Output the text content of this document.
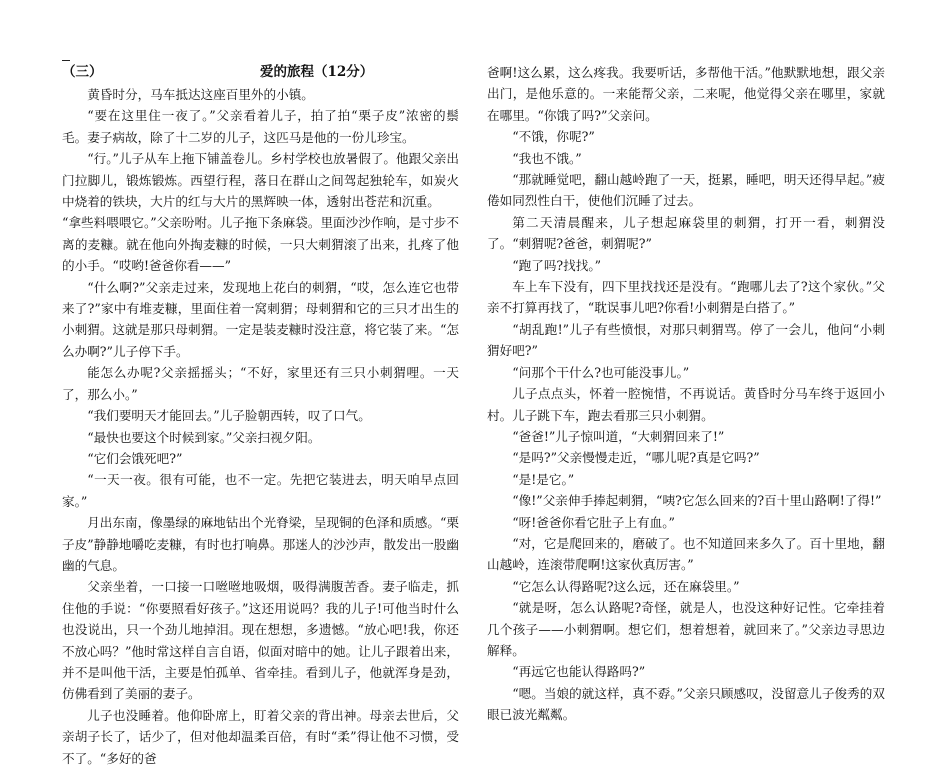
（三）	爱的旅程（12分）

黄昏时分，马车抵达这座百里外的小镇。

“要在这里住一夜了。”父亲看着儿子，拍了拍“栗子皮”浓密的鬃毛。妻子病故，除了十二岁的儿子，这匹马是他的一份儿珍宝。

“行。”儿子从车上拖下铺盖卷儿。乡村学校也放暑假了。他跟父亲出门拉脚儿，锻炼锻炼。西望行程，落日在群山之间驾起独轮车，如炭火中烧着的铁块，大片的红与大片的黑辉映一体，透射出苍茫和沉重。

“拿些料喂喂它。”父亲吩咐。儿子拖下条麻袋。里面沙沙作响，是寸步不离的麦糠。就在他向外掏麦糠的时候，一只大刺猬滚了出来，扎疼了他的小手。“哎哟!爸爸你看——”

“什么啊?”父亲走过来，发现地上花白的刺猬，“哎，怎么连它也带来了?”家中有堆麦糠，里面住着一窝刺猬；母刺猬和它的三只才出生的小刺猬。这就是那只母刺猬。一定是装麦糠时没注意，将它装了来。“怎么办啊?”儿子停下手。

能怎么办呢?父亲摇摇头；“不好，家里还有三只小刺猬哩。一天了，那么小。”

“我们要明天才能回去。”儿子脸朝西转，叹了口气。

“最快也要这个时候到家。”父亲扫视夕阳。

“它们会饿死吧?”

“一天一夜。很有可能，也不一定。先把它装进去，明天咱早点回家。”

月出东南，像墨绿的麻地钻出个光脊梁，呈现铜的色泽和质感。“栗子皮”静静地嚼吃麦糠，有时也打响鼻。那迷人的沙沙声，散发出一股幽幽的气息。

父亲坐着，一口接一口咝咝地吸烟，吸得满腹苦香。妻子临走，抓住他的手说：“你要照看好孩子。”这还用说吗？我的儿子!可他当时什么也没说出，只一个劲儿地掉泪。现在想想，多遗憾。“放心吧!我，你还不放心吗？”他时常这样自言自语，似面对暗中的她。让儿子跟着出来，并不是叫他干活，主要是怕孤单、省牵挂。看到儿子，他就浑身是劲，仿佛看到了美丽的妻子。

儿子也没睡着。他仰卧席上，盯着父亲的背出神。母亲去世后，父亲胡子长了，话少了，但对他却温柔百倍，有时“柔”得让他不习惯，受不了。“多好的爸

爸啊!这么累，这么疼我。我要听话，多帮他干活。”他默默地想，跟父亲出门，是他乐意的。一来能帮父亲，二来呢，他觉得父亲在哪里，家就在哪里。“你饿了吗?”父亲问。

“不饿，你呢?”

“我也不饿。”

“那就睡觉吧，翻山越岭跑了一天，挺累，睡吧，明天还得早起。”疲倦如同烈性白干，使他们沉睡了过去。

第二天清晨醒来，儿子想起麻袋里的刺猬，打开一看，刺猬没了。“刺猬呢?爸爸，刺猬呢?”

“跑了吗?找找。”

车上车下没有，四下里找找还是没有。“跑哪儿去了?这个家伙。”父亲不打算再找了，“耽误事儿吧?你看!小刺猬是白搭了。”

“胡乱跑!”儿子有些愤恨，对那只刺猬骂。停了一会儿，他问“小刺猬好吧?”

“问那个干什么?也可能没事儿。”

儿子点点头，怀着一腔惋惜，不再说话。黄昏时分马车终于返回小村。儿子跳下车，跑去看那三只小刺猬。

“爸爸!”儿子惊叫道，“大刺猬回来了!”

“是吗?”父亲慢慢走近，“哪儿呢?真是它吗?”

“是!是它。”

“像!”父亲伸手捧起刺猬，“咦?它怎么回来的?百十里山路啊!了得!”

“呀!爸爸你看它肚子上有血。”

“对，它是爬回来的，磨破了。也不知道回来多久了。百十里地，翻山越岭，连滚带爬啊!这家伙真厉害。”

“它怎么认得路呢?这么远，还在麻袋里。”

“就是呀，怎么认路呢?奇怪，就是人，也没这种好记性。它牵挂着几个孩子——小刺猬啊。想它们，想着想着，就回来了。”父亲边寻思边解释。

“再远它也能认得路吗?”

“嗯。当娘的就这样，真不孬。”父亲只顾感叹，没留意儿子俊秀的双眼已波光粼粼。
